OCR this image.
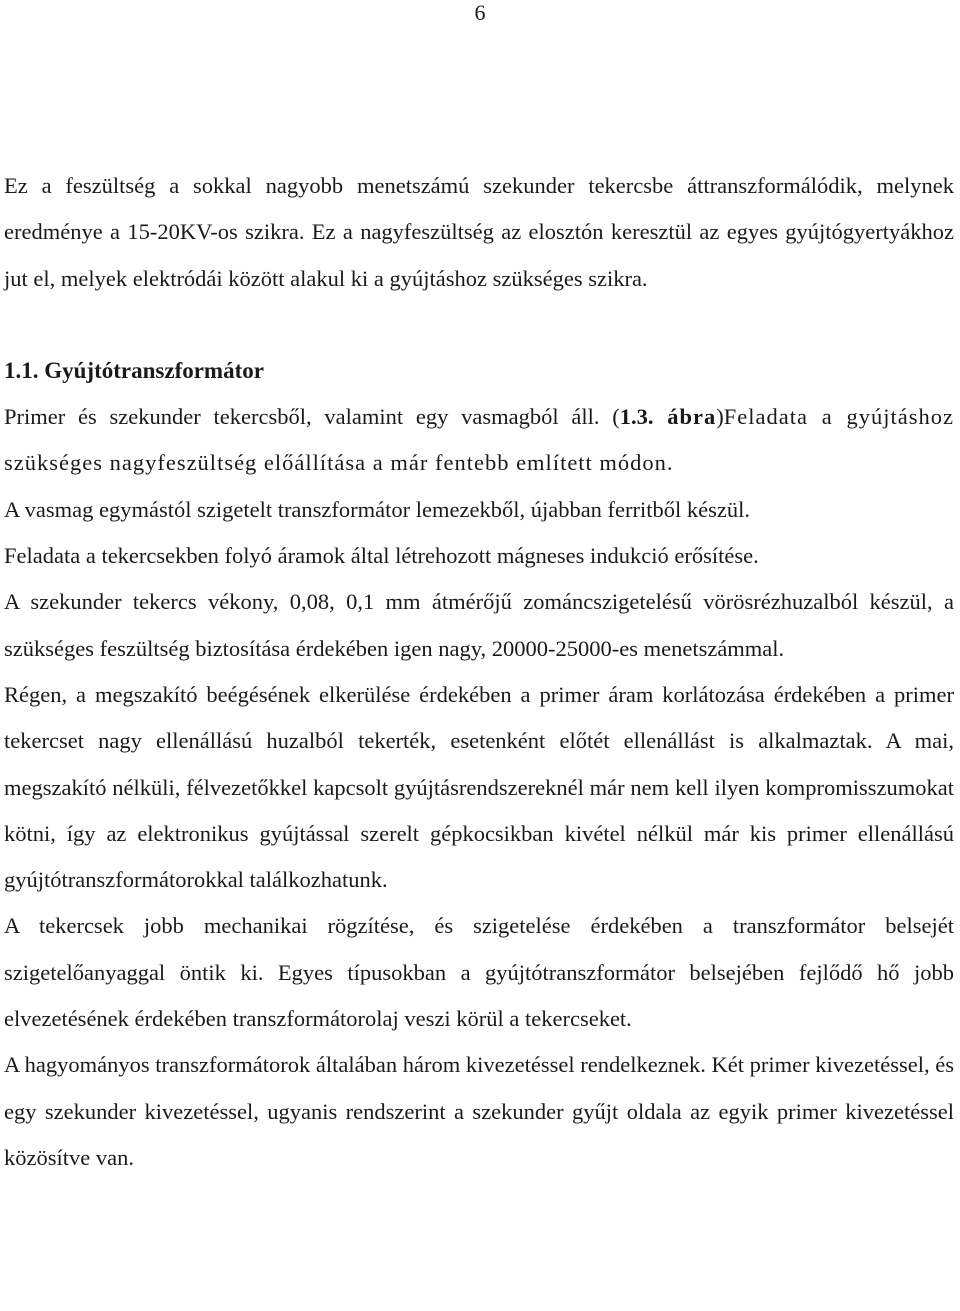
6

Ez a feszültség a sokkal nagyobb menetszámú szekunder tekercsbe áttranszformálódik, melynek eredménye a 15-20KV-os szikra. Ez a nagyfeszültség az elosztón keresztül az egyes gyújtógyertyákhoz jut el, melyek elektródái között alakul ki a gyújtáshoz szükséges szikra.

1.1. Gyújtótranszformátor

Primer és szekunder tekercsből, valamint egy vasmagból áll. (1.3. ábra)Feladata a gyújtáshoz szükséges nagyfeszültség előállítása a már fentebb említett módon.

A vasmag egymástól szigetelt transzformátor lemezekből, újabban ferritből készül.

Feladata a tekercsekben folyó áramok által létrehozott mágneses indukció erősítése.

A szekunder tekercs vékony, 0,08, 0,1 mm átmérőjű zománcszigetelésű vörösrézhuzalból készül, a szükséges feszültség biztosítása érdekében igen nagy, 20000-25000-es menetszámmal.

Régen, a megszakító beégésének elkerülése érdekében a primer áram korlátozása érdekében a primer tekercset nagy ellenállású huzalból tekerték, esetenként előtét ellenállást is alkalmaztak. A mai, megszakító nélküli, félvezetőkkel kapcsolt gyújtásrendszereknél már nem kell ilyen kompromisszumokat kötni, így az elektronikus gyújtással szerelt gépkocsikban kivétel nélkül már kis primer ellenállású gyújtótranszformátorokkal találkozhatunk.

A tekercsek jobb mechanikai rögzítése, és szigetelése érdekében a transzformátor belsejét szigetelőanyaggal öntik ki. Egyes típusokban a gyújtótranszformátor belsejében fejlődő hő jobb elvezetésének érdekében transzformátorolaj veszi körül a tekercseket.

A hagyományos transzformátorok általában három kivezetéssel rendelkeznek. Két primer kivezetéssel, és egy szekunder kivezetéssel, ugyanis rendszerint a szekunder gyűjt oldala az egyik primer kivezetéssel közösítve van.
